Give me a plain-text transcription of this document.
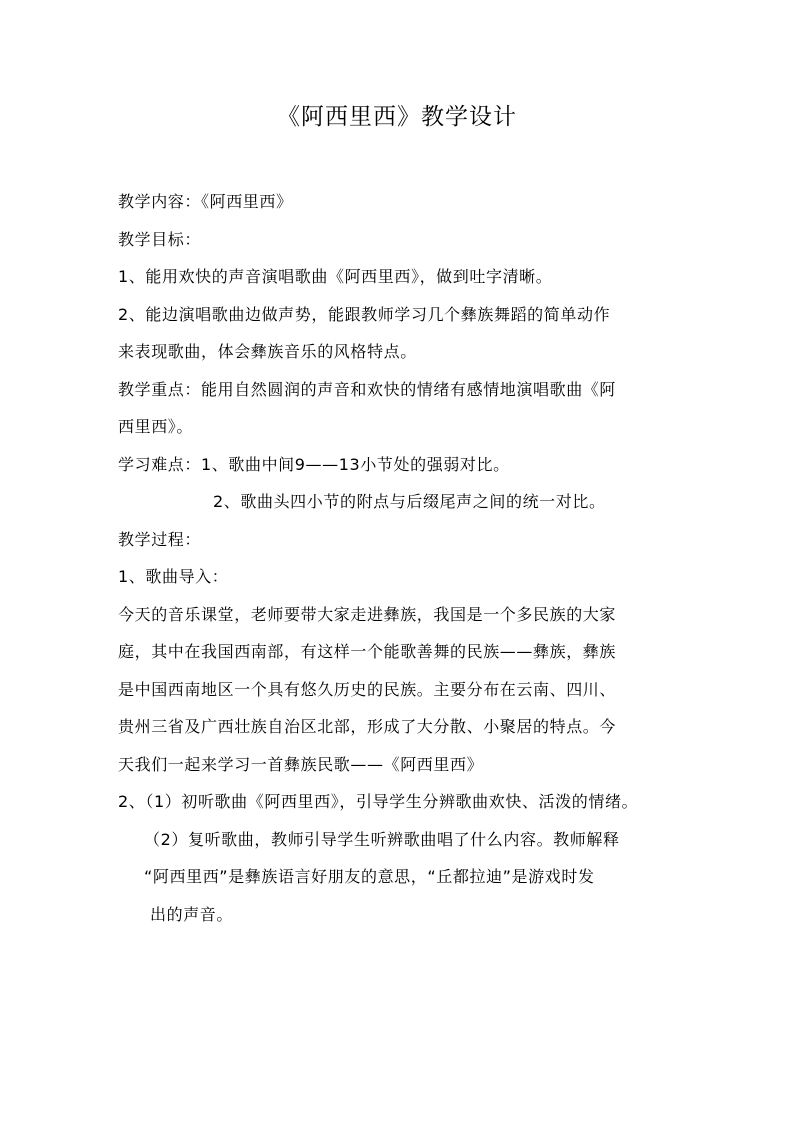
《阿西里西》教学设计
教学内容：《阿西里西》
教学目标：
1、能用欢快的声音演唱歌曲《阿西里西》，做到吐字清晰。
2、能边演唱歌曲边做声势，能跟教师学习几个彝族舞蹈的简单动作
来表现歌曲，体会彝族音乐的风格特点。
教学重点：能用自然圆润的声音和欢快的情绪有感情地演唱歌曲《阿
西里西》。
学习难点：1、歌曲中间9——13小节处的强弱对比。
2、歌曲头四小节的附点与后缀尾声之间的统一对比。
教学过程：
1、歌曲导入：
今天的音乐课堂，老师要带大家走进彝族，我国是一个多民族的大家
庭，其中在我国西南部，有这样一个能歌善舞的民族——彝族，彝族
是中国西南地区一个具有悠久历史的民族。主要分布在云南、四川、
贵州三省及广西壮族自治区北部，形成了大分散、小聚居的特点。今
天我们一起来学习一首彝族民歌——《阿西里西》
2、（1）初听歌曲《阿西里西》，引导学生分辨歌曲欢快、活泼的情绪。
（2）复听歌曲，教师引导学生听辨歌曲唱了什么内容。教师解释
“阿西里西”是彝族语言好朋友的意思，“丘都拉迪”是游戏时发
出的声音。
